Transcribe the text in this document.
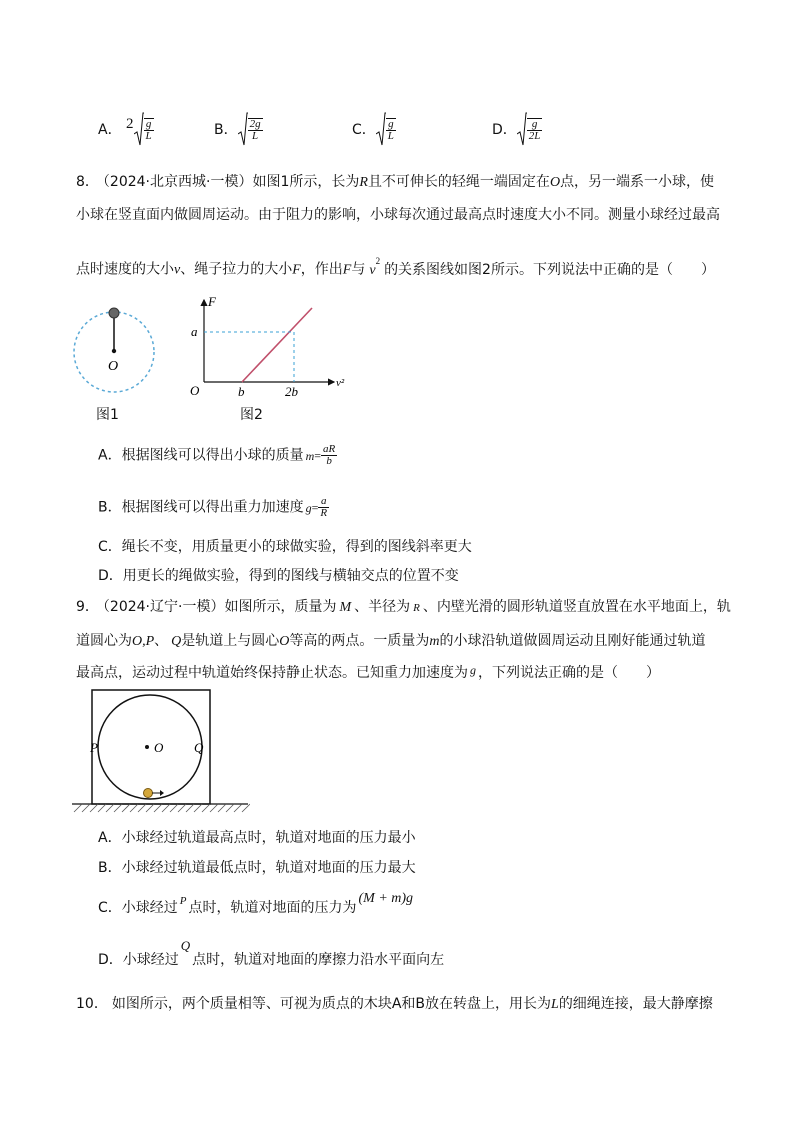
A． $2 \frac{g}{L}$	B． $\frac{2g}{L}$	C． $\frac{g}{L}$	D． $\frac{g}{2L}$
8． （2024·北京西城·一模）如图1所示，长为R且不可伸长的轻绳一端固定在O点，另一端系一小球，使
小球在竖直面内做圆周运动。由于阻力的影响，小球每次通过最高点时速度大小不同。测量小球经过最高
点时速度的大小v、绳子拉力的大小F，作出F与 $v^2$的关系图线如图2所示。下列说法中正确的是（　　）
O
图1
F
a
O	b	2b
v²
图2
A．根据图线可以得出小球的质量 $m= \frac{aR}{b}$
B．根据图线可以得出重力加速度 $g= \frac{a}{R}$
C．绳长不变，用质量更小的球做实验，得到的图线斜率更大
D．用更长的绳做实验，得到的图线与横轴交点的位置不变
9． （2024·辽宁·一模）如图所示，质量为 M 、半径为 R 、内壁光滑的圆形轨道竖直放置在水平地面上，轨
道圆心为O,P、 Q是轨道上与圆心O等高的两点。一质量为m的小球沿轨道做圆周运动且刚好能通过轨道
最高点，运动过程中轨道始终保持静止状态。已知重力加速度为 g ，下列说法正确的是（　　）
P	O Q
A．小球经过轨道最高点时，轨道对地面的压力最小
B．小球经过轨道最低点时，轨道对地面的压力最大
C．小球经过 $^P$ 点时，轨道对地面的压力为(M + m)g
D．小球经过Q点时，轨道对地面的摩擦力沿水平面向左
10． 如图所示，两个质量相等、可视为质点的木块A和B放在转盘上，用长为L的细绳连接，最大静摩擦
